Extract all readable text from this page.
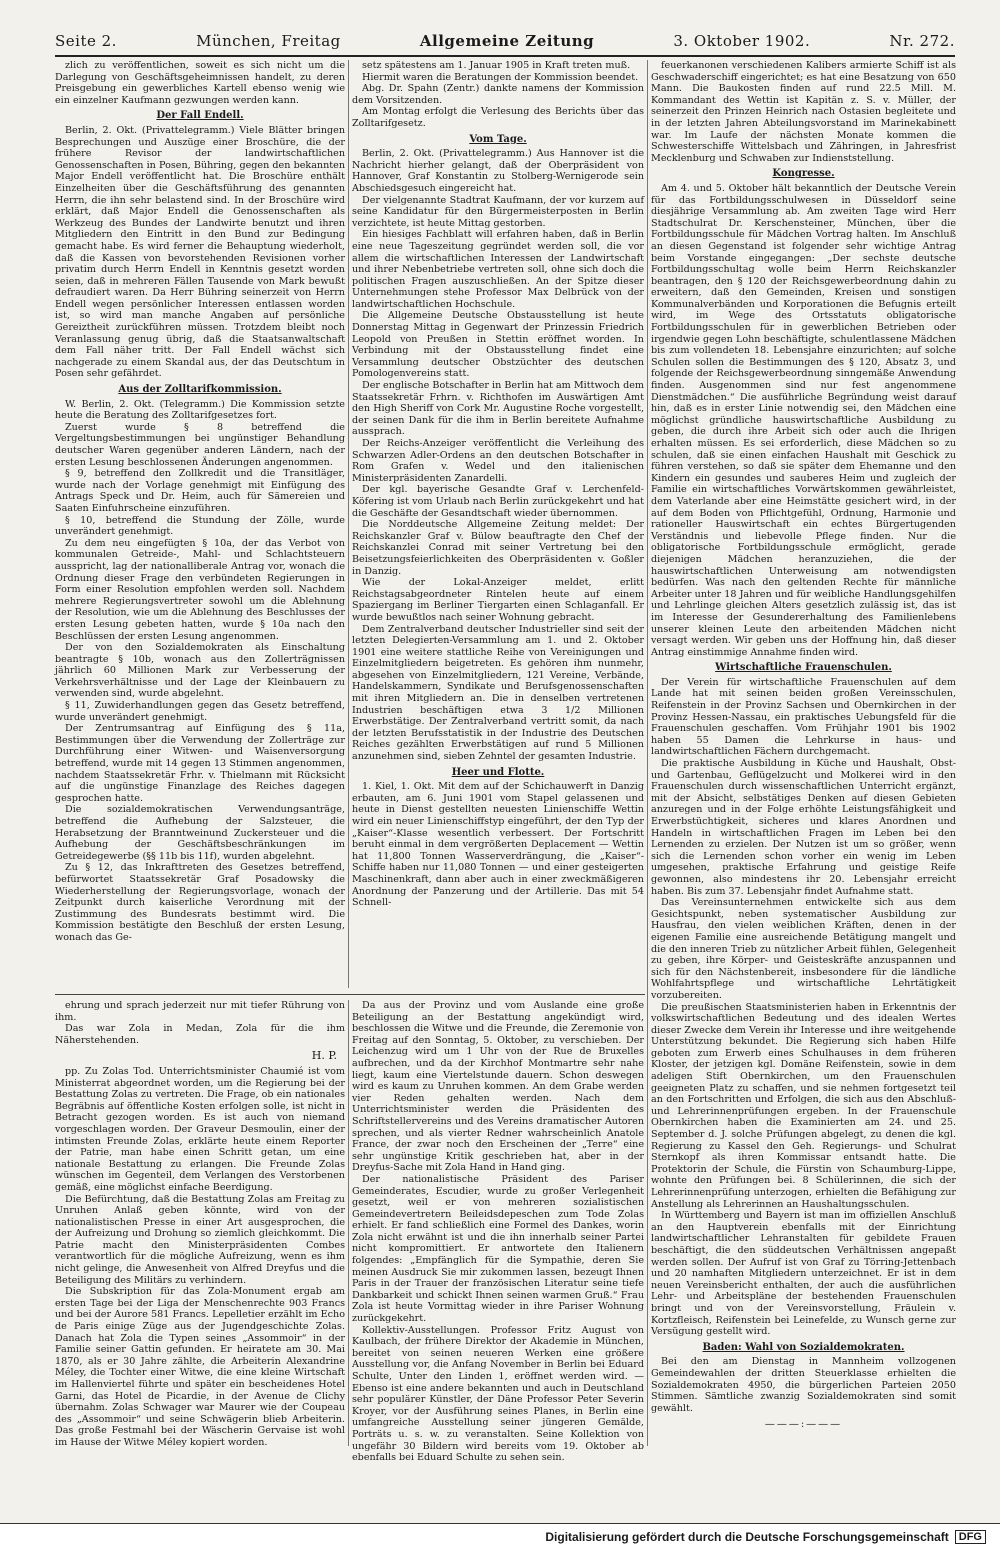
Seite 2.	München, Freitag	Allgemeine Zeitung	3. Oktober 1902.	Nr. 272.

zlich zu veröffentlichen, soweit es sich nicht um die Darlegung von Geschäftsgeheimnissen handelt, zu deren Preisgebung ein gewerbliches Kartell ebenso wenig wie ein einzelner Kaufmann gezwungen werden kann.

Der Fall Endell.

Berlin, 2. Okt. (Privattelegramm.) Viele Blätter bringen Besprechungen und Auszüge einer Broschüre, die der frühere Revisor der landwirtschaftlichen Genossenschaften in Posen, Bühring, gegen den bekannten Major Endell veröffentlicht hat. Die Broschüre enthält Einzelheiten über die Geschäftsführung des genannten Herrn, die ihn sehr belastend sind. In der Broschüre wird erklärt, daß Major Endell die Genossenschaften als Werkzeug des Bundes der Landwirte benutzt und ihren Mitgliedern den Eintritt in den Bund zur Bedingung gemacht habe. Es wird ferner die Behauptung wiederholt, daß die Kassen von bevorstehenden Revisionen vorher privatim durch Herrn Endell in Kenntnis gesetzt worden seien, daß in mehreren Fällen Tausende von Mark bewußt defraudiert waren. Da Herr Bühring seinerzeit von Herrn Endell wegen persönlicher Interessen entlassen worden ist, so wird man manche Angaben auf persönliche Gereiztheit zurückführen müssen. Trotzdem bleibt noch Veranlassung genug übrig, daß die Staatsanwaltschaft dem Fall näher tritt. Der Fall Endell wächst sich nachgerade zu einem Skandal aus, der das Deutschtum in Posen sehr gefährdet.

Aus der Zolltarifkommission.

W. Berlin, 2. Okt. (Telegramm.) Die Kommission setzte heute die Beratung des Zolltarifgesetzes fort.

Zuerst wurde § 8 betreffend die Vergeltungsbestimmungen bei ungünstiger Behandlung deutscher Waren gegenüber anderen Ländern, nach der ersten Lesung beschlossenen Änderungen angenommen.

§ 9, betreffend den Zollkredit und die Transitläger, wurde nach der Vorlage genehmigt mit Einfügung des Antrags Speck und Dr. Heim, auch für Sämereien und Saaten Einfuhrscheine einzuführen.

§ 10, betreffend die Stundung der Zölle, wurde unverändert genehmigt.

Zu dem neu eingefügten § 10a, der das Verbot von kommunalen Getreide-, Mahl- und Schlachtsteuern ausspricht, lag der nationalliberale Antrag vor, wonach die Ordnung dieser Frage den verbündeten Regierungen in Form einer Resolution empfohlen werden soll. Nachdem mehrere Regierungsvertreter sowohl um die Ablehnung der Resolution, wie um die Ablehnung des Beschlusses der ersten Lesung gebeten hatten, wurde § 10a nach den Beschlüssen der ersten Lesung angenommen.

Der von den Sozialdemokraten als Einschaltung beantragte § 10b, wonach aus den Zollerträgnissen jährlich 60 Millionen Mark zur Verbesserung der Verkehrsverhältnisse und der Lage der Kleinbauern zu verwenden sind, wurde abgelehnt.

§ 11, Zuwiderhandlungen gegen das Gesetz betreffend, wurde unverändert genehmigt.

Der Zentrumsantrag auf Einfügung des § 11a, Bestimmungen über die Verwendung der Zollerträge zur Durchführung einer Witwen- und Waisenversorgung betreffend, wurde mit 14 gegen 13 Stimmen angenommen, nachdem Staatssekretär Frhr. v. Thielmann mit Rücksicht auf die ungünstige Finanzlage des Reiches dagegen gesprochen hatte.

Die sozialdemokratischen Verwendungsanträge, betreffend die Aufhebung der Salzsteuer, die Herabsetzung der Branntweinund Zuckersteuer und die Aufhebung der Geschäftsbeschränkungen im Getreidegewerbe (§§ 11b bis 11f), wurden abgelehnt.

Zu § 12, das Inkrafttreten des Gesetzes betreffend, befürwortet Staatssekretär Graf Posadowsky die Wiederherstellung der Regierungsvorlage, wonach der Zeitpunkt durch kaiserliche Verordnung mit der Zustimmung des Bundesrats bestimmt wird. Die Kommission bestätigte den Beschluß der ersten Lesung, wonach das Ge-

setz spätestens am 1. Januar 1905 in Kraft treten muß.

Hiermit waren die Beratungen der Kommission beendet.

Abg. Dr. Spahn (Zentr.) dankte namens der Kommission dem Vorsitzenden.

Am Montag erfolgt die Verlesung des Berichts über das Zolltarifgesetz.

Vom Tage.

Berlin, 2. Okt. (Privattelegramm.) Aus Hannover ist die Nachricht hierher gelangt, daß der Oberpräsident von Hannover, Graf Konstantin zu Stolberg-Wernigerode sein Abschiedsgesuch eingereicht hat.

Der vielgenannte Stadtrat Kaufmann, der vor kurzem auf seine Kandidatur für den Bürgermeisterposten in Berlin verzichtete, ist heute Mittag gestorben.

Ein hiesiges Fachblatt will erfahren haben, daß in Berlin eine neue Tageszeitung gegründet werden soll, die vor allem die wirtschaftlichen Interessen der Landwirtschaft und ihrer Nebenbetriebe vertreten soll, ohne sich doch die politischen Fragen auszuschließen. An der Spitze dieser Unternehmungen stehe Professor Max Delbrück von der landwirtschaftlichen Hochschule.

Die Allgemeine Deutsche Obstausstellung ist heute Donnerstag Mittag in Gegenwart der Prinzessin Friedrich Leopold von Preußen in Stettin eröffnet worden. In Verbindung mit der Obstausstellung findet eine Versammlung deutscher Obstzüchter des deutschen Pomologenvereins statt.

Der englische Botschafter in Berlin hat am Mittwoch dem Staatssekretär Frhrn. v. Richthofen im Auswärtigen Amt den High Sheriff von Cork Mr. Augustine Roche vorgestellt, der seinen Dank für die ihm in Berlin bereitete Aufnahme aussprach.

Der Reichs-Anzeiger veröffentlicht die Verleihung des Schwarzen Adler-Ordens an den deutschen Botschafter in Rom Grafen v. Wedel und den italienischen Ministerpräsidenten Zanardelli.

Der kgl. bayerische Gesandte Graf v. Lerchenfeld-Köfering ist vom Urlaub nach Berlin zurückgekehrt und hat die Geschäfte der Gesandtschaft wieder übernommen.

Die Norddeutsche Allgemeine Zeitung meldet: Der Reichskanzler Graf v. Bülow beauftragte den Chef der Reichskanzlei Conrad mit seiner Vertretung bei den Beisetzungsfeierlichkeiten des Oberpräsidenten v. Goßler in Danzig.

Wie der Lokal-Anzeiger meldet, erlitt Reichstagsabgeordneter Rintelen heute auf einem Spaziergang im Berliner Tiergarten einen Schlaganfall. Er wurde bewußtlos nach seiner Wohnung gebracht.

Dem Zentralverband deutscher Industrieller sind seit der letzten Delegierten-Versammlung am 1. und 2. Oktober 1901 eine weitere stattliche Reihe von Vereinigungen und Einzelmitgliedern beigetreten. Es gehören ihm nunmehr, abgesehen von Einzelmitgliedern, 121 Vereine, Verbände, Handelskammern, Syndikate und Berufsgenossenschaften mit ihren Mitgliedern an. Die in denselben vertretenen Industrien beschäftigen etwa 3 1/2 Millionen Erwerbstätige. Der Zentralverband vertritt somit, da nach der letzten Berufsstatistik in der Industrie des Deutschen Reiches gezählten Erwerbstätigen auf rund 5 Millionen anzunehmen sind, sieben Zehntel der gesamten Industrie.

Heer und Flotte.

1. Kiel, 1. Okt. Mit dem auf der Schichauwerft in Danzig erbauten, am 6. Juni 1901 vom Stapel gelassenen und heute in Dienst gestellten neuesten Linienschiffe Wettin wird ein neuer Linienschiffstyp eingeführt, der den Typ der „Kaiser“-Klasse wesentlich verbessert. Der Fortschritt beruht einmal in dem vergrößerten Deplacement — Wettin hat 11,800 Tonnen Wasserverdrängung, die „Kaiser“-Schiffe haben nur 11,080 Tonnen — und einer gesteigerten Maschinenkraft, dann aber auch in einer zweckmäßigeren Anordnung der Panzerung und der Artillerie. Das mit 54 Schnell-

feuerkanonen verschiedenen Kalibers armierte Schiff ist als Geschwaderschiff eingerichtet; es hat eine Besatzung von 650 Mann. Die Baukosten finden auf rund 22.5 Mill. M. Kommandant des Wettin ist Kapitän z. S. v. Müller, der seinerzeit den Prinzen Heinrich nach Ostasien begleitete und in der letzten Jahren Abteilungsvorstand im Marinekabinett war. Im Laufe der nächsten Monate kommen die Schwesterschiffe Wittelsbach und Zähringen, in Jahresfrist Mecklenburg und Schwaben zur Indienststellung.

Kongresse.

Am 4. und 5. Oktober hält bekanntlich der Deutsche Verein für das Fortbildungsschulwesen in Düsseldorf seine diesjährige Versammlung ab. Am zweiten Tage wird Herr Stadtschulrat Dr. Kerschensteiner, München, über die Fortbildungsschule für Mädchen Vortrag halten. Im Anschluß an diesen Gegenstand ist folgender sehr wichtige Antrag beim Vorstande eingegangen: „Der sechste deutsche Fortbildungsschultag wolle beim Herrn Reichskanzler beantragen, den § 120 der Reichsgewerbeordnung dahin zu erweitern, daß den Gemeinden, Kreisen und sonstigen Kommunalverbänden und Korporationen die Befugnis erteilt wird, im Wege des Ortsstatuts obligatorische Fortbildungsschulen für in gewerblichen Betrieben oder irgendwie gegen Lohn beschäftigte, schulentlassene Mädchen bis zum vollendeten 18. Lebensjahre einzurichten; auf solche Schulen sollen die Bestimmungen des § 120, Absatz 3, und folgende der Reichsgewerbeordnung sinngemäße Anwendung finden. Ausgenommen sind nur fest angenommene Dienstmädchen.“ Die ausführliche Begründung weist darauf hin, daß es in erster Linie notwendig sei, den Mädchen eine möglichst gründliche hauswirtschaftliche Ausbildung zu geben, die durch ihre Arbeit sich oder auch die Ihrigen erhalten müssen. Es sei erforderlich, diese Mädchen so zu schulen, daß sie einen einfachen Haushalt mit Geschick zu führen verstehen, so daß sie später dem Ehemanne und den Kindern ein gesundes und sauberes Heim und zugleich der Familie ein wirtschaftliches Vorwärtskommen gewährleistet, dem Vaterlande aber eine Heimstätte gesichert wird, in der auf dem Boden von Pflichtgefühl, Ordnung, Harmonie und rationeller Hauswirtschaft ein echtes Bürgertugenden Verständnis und liebevolle Pflege finden. Nur die obligatorische Fortbildungsschule ermöglicht, gerade diejenigen Mädchen heranzuziehen, die der hauswirtschaftlichen Unterweisung am notwendigsten bedürfen. Was nach den geltenden Rechte für männliche Arbeiter unter 18 Jahren und für weibliche Handlungsgehilfen und Lehrlinge gleichen Alters gesetzlich zulässig ist, das ist im Interesse der Gesundererhaltung des Familienlebens unserer kleinen Leute den arbeitenden Mädchen nicht versagt werden. Wir geben uns der Hoffnung hin, daß dieser Antrag einstimmige Annahme finden wird.

Wirtschaftliche Frauenschulen.

Der Verein für wirtschaftliche Frauenschulen auf dem Lande hat mit seinen beiden großen Vereinsschulen, Reifenstein in der Provinz Sachsen und Obernkirchen in der Provinz Hessen-Nassau, ein praktisches Uebungsfeld für die Frauenschulen geschaffen. Vom Frühjahr 1901 bis 1902 haben 55 Damen die Lehrkurse in haus- und landwirtschaftlichen Fächern durchgemacht.

Die praktische Ausbildung in Küche und Haushalt, Obst- und Gartenbau, Geflügelzucht und Molkerei wird in den Frauenschulen durch wissenschaftlichen Unterricht ergänzt, mit der Absicht, selbstätiges Denken auf diesen Gebieten anzuregen und in der Folge erhöhte Leistungsfähigkeit und Erwerbstüchtigkeit, sicheres und klares Anordnen und Handeln in wirtschaftlichen Fragen im Leben bei den Lernenden zu erzielen. Der Nutzen ist um so größer, wenn sich die Lernenden schon vorher ein wenig im Leben umgesehen, praktische Erfahrung und geistige Reife gewonnen, also mindestens ihr 20. Lebensjahr erreicht haben. Bis zum 37. Lebensjahr findet Aufnahme statt.

Das Vereinsunternehmen entwickelte sich aus dem Gesichtspunkt, neben systematischer Ausbildung zur Hausfrau, den vielen weiblichen Kräften, denen in der eigenen Familie eine ausreichende Betätigung mangelt und die den inneren Trieb zu nützlicher Arbeit fühlen, Gelegenheit zu geben, ihre Körper- und Geisteskräfte anzuspannen und sich für den Nächstenbereit, insbesondere für die ländliche Wohlfahrtspflege und wirtschaftliche Lehrtätigkeit vorzubereiten.

Die preußischen Staatsministerien haben in Erkenntnis der volkswirtschaftlichen Bedeutung und des idealen Wertes dieser Zwecke dem Verein ihr Interesse und ihre weitgehende Unterstützung bekundet. Die Regierung sich haben Hilfe geboten zum Erwerb eines Schulhauses in dem früheren Kloster, der jetzigen kgl. Domäne Reifenstein, sowie in dem adeligen Stift Obernkirchen, um den Frauenschulen geeigneten Platz zu schaffen, und sie nehmen fortgesetzt teil an den Fortschritten und Erfolgen, die sich aus den Abschluß- und Lehrerinnenprüfungen ergeben. In der Frauenschule Obernkirchen haben die Examinierten am 24. und 25. September d. J. solche Prüfungen abgelegt, zu denen die kgl. Regierung zu Kassel den Geh. Regierungs- und Schulrat Sternkopf als ihren Kommissar entsandt hatte. Die Protektorin der Schule, die Fürstin von Schaumburg-Lippe, wohnte den Prüfungen bei. 8 Schülerinnen, die sich der Lehrerinnenprüfung unterzogen, erhielten die Befähigung zur Anstellung als Lehrerinnen an Haushaltungsschulen.

In Württemberg und Bayern ist man im offiziellen Anschluß an den Hauptverein ebenfalls mit der Einrichtung landwirtschaftlicher Lehranstalten für gebildete Frauen beschäftigt, die den süddeutschen Verhältnissen angepaßt werden sollen. Der Aufruf ist von Graf zu Törring-Jettenbach und 20 namhaften Mitgliedern unterzeichnet. Er ist in dem neuen Vereinsbericht enthalten, der auch die ausführlichen Lehr- und Arbeitspläne der bestehenden Frauenschulen bringt und von der Vereinsvorstellung, Fräulein v. Kortzfleisch, Reifenstein bei Leinefelde, zu Wunsch gerne zur Versügung gestellt wird.

Baden: Wahl von Sozialdemokraten.

Bei den am Dienstag in Mannheim vollzogenen Gemeindewahlen der dritten Steuerklasse erhielten die Sozialdemokraten 4950, die bürgerlichen Parteien 2050 Stimmen. Sämtliche zwanzig Sozialdemokraten sind somit gewählt.

———:———

ehrung und sprach jederzeit nur mit tiefer Rührung von ihm.

Das war Zola in Medan, Zola für die ihm Näherstehenden.

H. P.

pp. Zu Zolas Tod. Unterrichtsminister Chaumié ist vom Ministerrat abgeordnet worden, um die Regierung bei der Bestattung Zolas zu vertreten. Die Frage, ob ein nationales Begräbnis auf öffentliche Kosten erfolgen solle, ist nicht in Betracht gezogen worden. Es ist auch von niemand vorgeschlagen worden. Der Graveur Desmoulin, einer der intimsten Freunde Zolas, erklärte heute einem Reporter der Patrie, man habe einen Schritt getan, um eine nationale Bestattung zu erlangen. Die Freunde Zolas wünschen im Gegenteil, dem Verlangen des Verstorbenen gemäß, eine möglichst einfache Beerdigung.

Die Befürchtung, daß die Bestattung Zolas am Freitag zu Unruhen Anlaß geben könnte, wird von der nationalistischen Presse in einer Art ausgesprochen, die der Aufreizung und Drohung so ziemlich gleichkommt. Die Patrie macht den Ministerpräsidenten Combes verantwortlich für die mögliche Aufreizung, wenn es ihm nicht gelinge, die Anwesenheit von Alfred Dreyfus und die Beteiligung des Militärs zu verhindern.

Die Subskription für das Zola-Monument ergab am ersten Tage bei der Liga der Menschenrechte 903 Francs und bei der Aurore 581 Francs. Lepelletier erzählt im Echo de Paris einige Züge aus der Jugendgeschichte Zolas. Danach hat Zola die Typen seines „Assommoir“ in der Familie seiner Gattin gefunden. Er heiratete am 30. Mai 1870, als er 30 Jahre zählte, die Arbeiterin Alexandrine Méley, die Tochter einer Witwe, die eine kleine Wirtschaft im Hallenviertel führte und später ein bescheidenes Hotel Garni, das Hotel de Picardie, in der Avenue de Clichy übernahm. Zolas Schwager war Maurer wie der Coupeau des „Assommoir“ und seine Schwägerin blieb Arbeiterin. Das große Festmahl bei der Wäscherin Gervaise ist wohl im Hause der Witwe Méley kopiert worden.

Da aus der Provinz und vom Auslande eine große Beteiligung an der Bestattung angekündigt wird, beschlossen die Witwe und die Freunde, die Zeremonie von Freitag auf den Sonntag, 5. Oktober, zu verschieben. Der Leichenzug wird um 1 Uhr von der Rue de Bruxelles aufbrechen, und da der Kirchhof Montmartre sehr nahe liegt, kaum eine Viertelstunde dauern. Schon deswegen wird es kaum zu Unruhen kommen. An dem Grabe werden vier Reden gehalten werden. Nach dem Unterrichtsminister werden die Präsidenten des Schriftstellervereins und des Vereins dramatischer Autoren sprechen, und als vierter Redner wahrscheinlich Anatole France, der zwar noch den Erscheinen der „Terre“ eine sehr ungünstige Kritik geschrieben hat, aber in der Dreyfus-Sache mit Zola Hand in Hand ging.

Der nationalistische Präsident des Pariser Gemeinderates, Escudier, wurde zu großer Verlegenheit gesetzt, weil er von mehreren sozialistischen Gemeindevertretern Beileidsdepeschen zum Tode Zolas erhielt. Er fand schließlich eine Formel des Dankes, worin Zola nicht erwähnt ist und die ihn innerhalb seiner Partei nicht kompromittiert. Er antwortete den Italienern folgendes: „Empfänglich für die Sympathie, deren Sie meinen Ausdruck Sie mir zukommen lassen, bezeugt Ihnen Paris in der Trauer der französischen Literatur seine tiefe Dankbarkeit und schickt Ihnen seinen warmen Gruß.“ Frau Zola ist heute Vormittag wieder in ihre Pariser Wohnung zurückgekehrt.

Kollektiv-Ausstellungen. Professor Fritz August von Kaulbach, der frühere Direktor der Akademie in München, bereitet von seinen neueren Werken eine größere Ausstellung vor, die Anfang November in Berlin bei Eduard Schulte, Unter den Linden 1, eröffnet werden wird. — Ebenso ist eine andere bekannten und auch in Deutschland sehr populärer Künstler, der Däne Professor Peter Severin Kroyer, vor der Ausführung seines Planes, in Berlin eine umfangreiche Ausstellung seiner jüngeren Gemälde, Porträts u. s. w. zu veranstalten. Seine Kollektion von ungefähr 30 Bildern wird bereits vom 19. Oktober ab ebenfalls bei Eduard Schulte zu sehen sein.

Digitalisierung gefördert durch die Deutsche Forschungsgemeinschaft DFG
